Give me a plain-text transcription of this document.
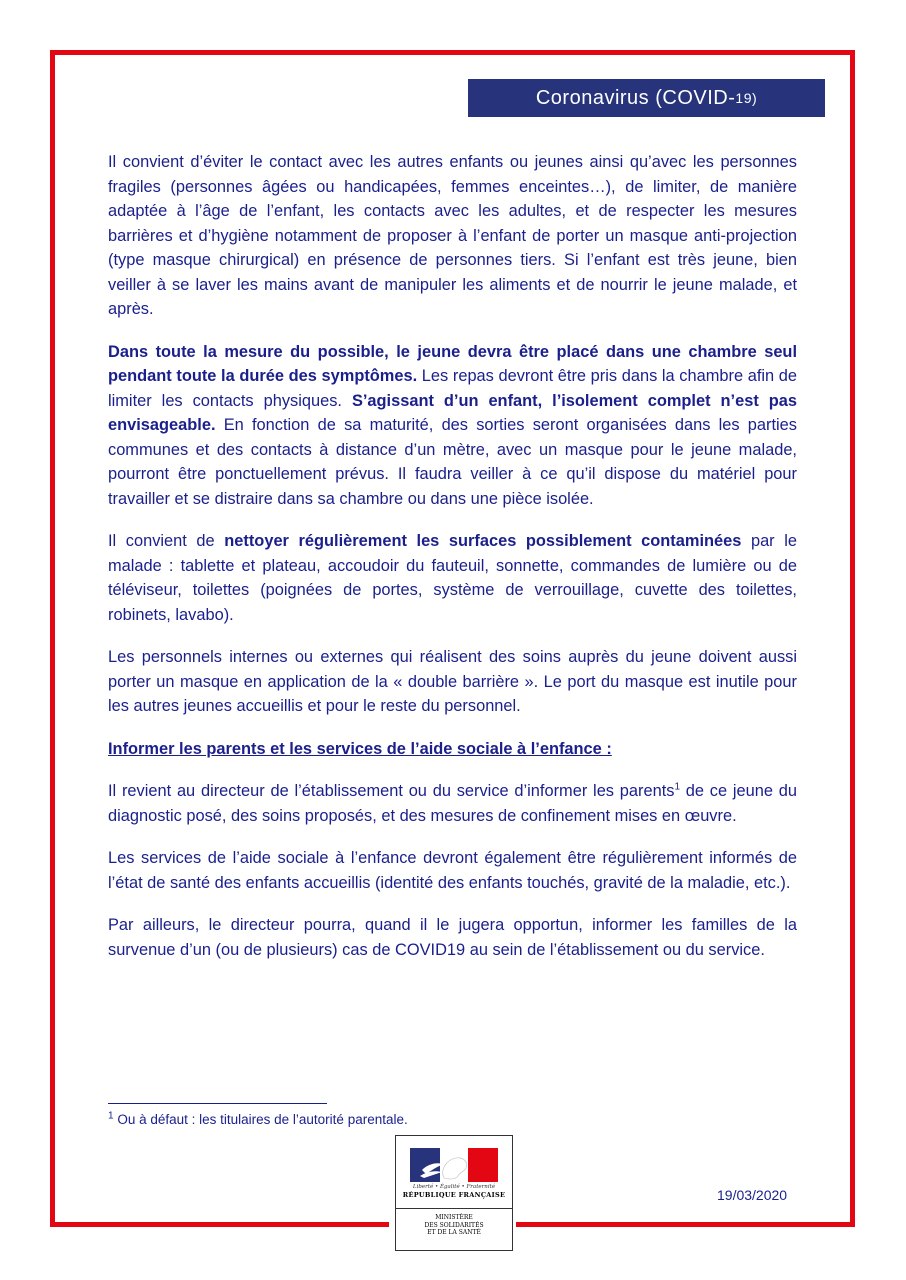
Coronavirus (COVID- 19)

Il convient d’éviter le contact avec les autres enfants ou jeunes ainsi qu’avec les personnes fragiles (personnes âgées ou handicapées, femmes enceintes…), de limiter, de manière adaptée à l’âge de l’enfant, les contacts avec les adultes, et de respecter les mesures barrières et d’hygiène notamment de proposer à l’enfant de porter un masque anti-projection (type masque chirurgical) en présence de personnes tiers. Si l’enfant est très jeune, bien veiller à se laver les mains avant de manipuler les aliments et de nourrir le jeune malade, et après.

Dans toute la mesure du possible, le jeune devra être placé dans une chambre seul pendant toute la durée des symptômes. Les repas devront être pris dans la chambre afin de limiter les contacts physiques. S’agissant d’un enfant, l’isolement complet n’est pas envisageable. En fonction de sa maturité, des sorties seront organisées dans les parties communes et des contacts à distance d’un mètre, avec un masque pour le jeune malade, pourront être ponctuellement prévus. Il faudra veiller à ce qu’il dispose du matériel pour travailler et se distraire dans sa chambre ou dans une pièce isolée.

Il convient de nettoyer régulièrement les surfaces possiblement contaminées par le malade : tablette et plateau, accoudoir du fauteuil, sonnette, commandes de lumière ou de téléviseur, toilettes (poignées de portes, système de verrouillage, cuvette des toilettes, robinets, lavabo).

Les personnels internes ou externes qui réalisent des soins auprès du jeune doivent aussi porter un masque en application de la « double barrière ». Le port du masque est inutile pour les autres jeunes accueillis et pour le reste du personnel.

Informer les parents et les services de l’aide sociale à l’enfance :

Il revient au directeur de l’établissement ou du service d’informer les parents$^1$ de ce jeune du diagnostic posé, des soins proposés, et des mesures de confinement mises en œuvre.

Les services de l’aide sociale à l’enfance devront également être régulièrement informés de l’état de santé des enfants accueillis (identité des enfants touchés, gravité de la maladie, etc.).

Par ailleurs, le directeur pourra, quand il le jugera opportun, informer les familles de la survenue d’un (ou de plusieurs) cas de COVID19 au sein de l’établissement ou du service.

$^1$ Ou à défaut : les titulaires de l’autorité parentale.
Liberté • Égalité • Fraternité
RÉPUBLIQUE FRANÇAISE
MINISTÈRE
DES SOLIDARITÉS
ET DE LA SANTÉ
19/03/2020
